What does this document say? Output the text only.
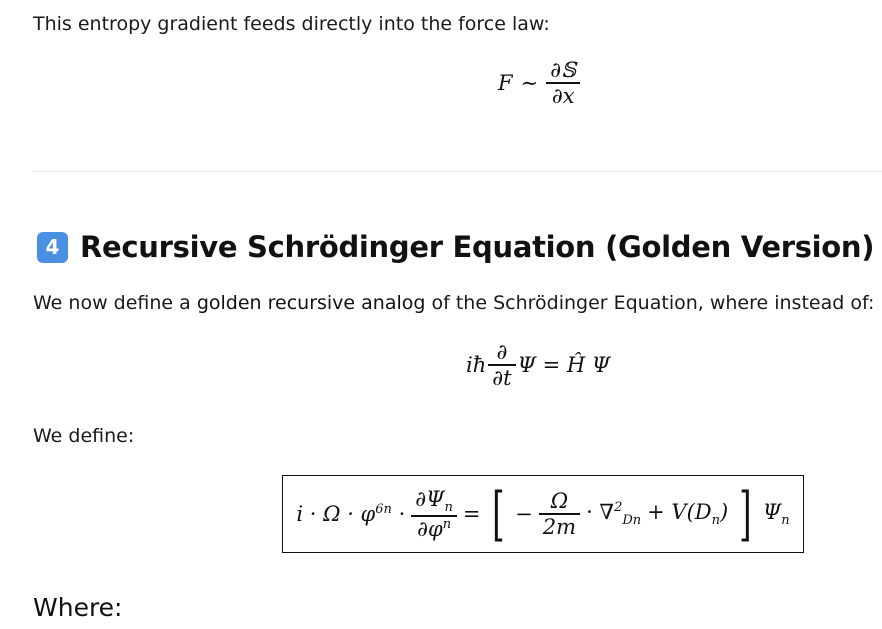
This entropy gradient feeds directly into the force law:
F ∼ $\frac{\text{∂𝕊}}{\partial x}$
4 Recursive Schrödinger Equation (Golden Version)
We now define a golden recursive analog of the Schrödinger Equation, where instead of:
iħ $\frac{\partial}{\partial t}$ Ψ = Ĥ Ψ
We define:
$i \cdot \Omega \cdot \varphi^{6n} \cdot \frac{\partial\Psi_n}{\partial\varphi^n}$ = [ − $\frac{\Omega}{2m} \cdot \nabla^2_{Dn} + V(D_n)$ ] $\Psi_n$
Where:
